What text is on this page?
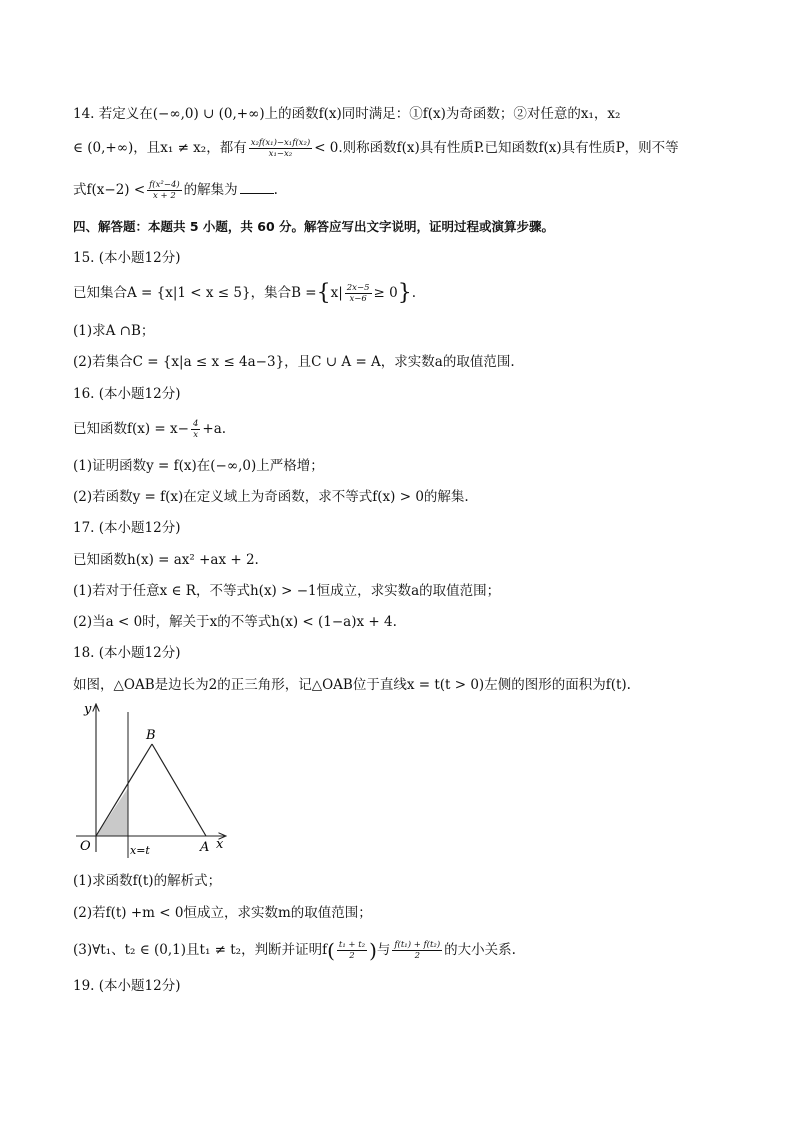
14. 若定义在(−∞,0) ∪ (0,+∞)上的函数f(x)同时满足：①f(x)为奇函数；②对任意的x₁，x₂
∈ (0,+∞)，且x₁ ≠ x₂，都有 $\frac{\text{x₂f(x₁)−x₁f(x₂)}}{\text{x₁−x₂}} < 0$.则称函数f(x)具有性质P.已知函数f(x)具有性质P，则不等
式$f(x-2) < \frac{\text{f(x²−4)}}{x + 2}$ 的解集为	.
四、解答题：本题共 5 小题，共 60 分。解答应写出文字说明，证明过程或演算步骤。
15. (本小题12分)
已知集合A = {x|1 < x ≤ 5}，集合$B =\{x| \frac{2x-5}{x-6} \ge 0\}$.
(1)求A ∩B；
(2)若集合C = {x|a ≤ x ≤ 4a−3}，且C ∪ A = A，求实数a的取值范围.
16. (本小题12分)
已知函数$f(x) = x- \frac{4}{x} +a$.
(1)证明函数y = f(x)在(−∞,0)上严格增；
(2)若函数y = f(x)在定义域上为奇函数，求不等式f(x) > 0的解集.
17. (本小题12分)
已知函数h(x) = ax² +ax + 2.
(1)若对于任意x ∈ R，不等式h(x) > −1恒成立，求实数a的取值范围；
(2)当a < 0时，解关于x的不等式h(x) < (1−a)x + 4.
18. (本小题12分)
如图，△OAB是边长为2的正三角形，记△OAB位于直线x = t(t > 0)左侧的图形的面积为f(t).
y
x
O	A
B
x=t
(1)求函数f(t)的解析式；
(2)若f(t) +m < 0恒成立，求实数m的取值范围；
(3)∀t₁、t₂ ∈ (0,1)且t₁ ≠ t₂，判断并证明$f( \frac{\text{t₁ + t₂}}{2}$ )与 $\frac{\text{f(t₁) + f(t₂)}}{2}$ 的大小关系.
19. (本小题12分)
